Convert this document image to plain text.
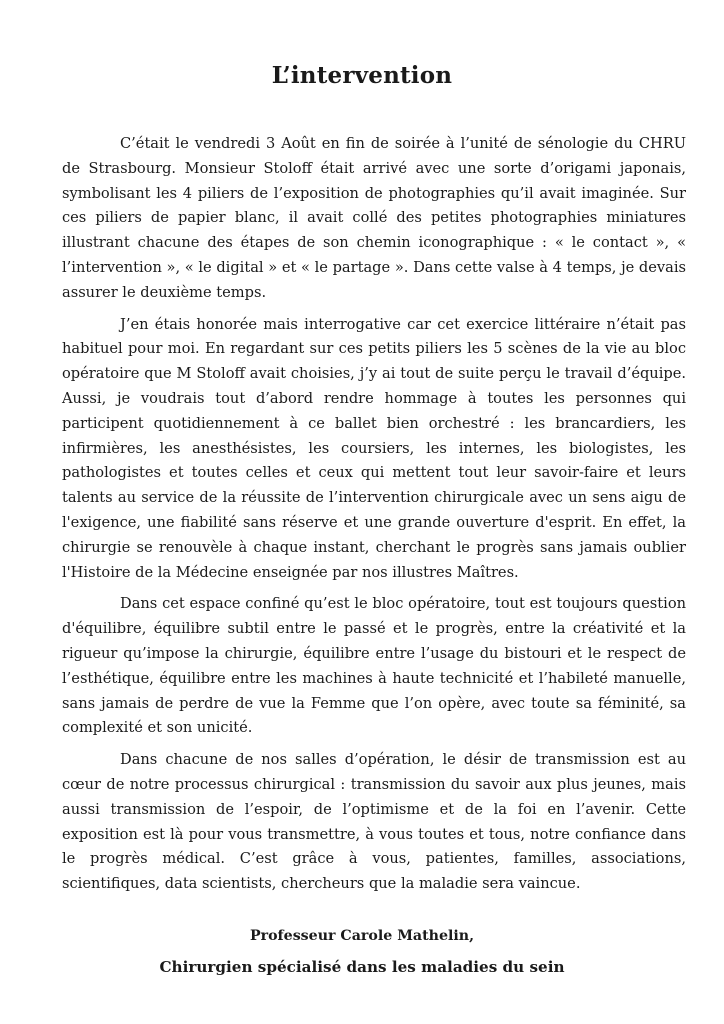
L’intervention

C’était le vendredi 3 Août en fin de soirée à l’unité de sénologie du CHRU de Strasbourg. Monsieur Stoloff était arrivé avec une sorte d’origami japonais, symbolisant les 4 piliers de l’exposition de photographies qu’il avait imaginée. Sur ces piliers de papier blanc, il avait collé des petites photographies miniatures illustrant chacune des étapes de son chemin iconographique : « le contact », « l’intervention », « le digital » et « le partage ». Dans cette valse à 4 temps, je devais assurer le deuxième temps.

J’en étais honorée mais interrogative car cet exercice littéraire n’était pas habituel pour moi. En regardant sur ces petits piliers les 5 scènes de la vie au bloc opératoire que M Stoloff avait choisies, j’y ai tout de suite perçu le travail d’équipe. Aussi, je voudrais tout d’abord rendre hommage à toutes les personnes qui participent quotidiennement à ce ballet bien orchestré : les brancardiers, les infirmières, les anesthésistes, les coursiers, les internes, les biologistes, les pathologistes et toutes celles et ceux qui mettent tout leur savoir-faire et leurs talents au service de la réussite de l’intervention chirurgicale avec un sens aigu de l'exigence, une fiabilité sans réserve et une grande ouverture d'esprit. En effet, la chirurgie se renouvèle à chaque instant, cherchant le progrès sans jamais oublier l'Histoire de la Médecine enseignée par nos illustres Maîtres.

Dans cet espace confiné qu’est le bloc opératoire, tout est toujours question d'équilibre, équilibre subtil entre le passé et le progrès, entre la créativité et la rigueur qu’impose la chirurgie, équilibre entre l’usage du bistouri et le respect de l’esthétique, équilibre entre les machines à haute technicité et l’habileté manuelle, sans jamais de perdre de vue la Femme que l’on opère, avec toute sa féminité, sa complexité et son unicité.

Dans chacune de nos salles d’opération, le désir de transmission est au cœur de notre processus chirurgical : transmission du savoir aux plus jeunes, mais aussi transmission de l’espoir, de l’optimisme et de la foi en l’avenir. Cette exposition est là pour vous transmettre, à vous toutes et tous, notre confiance dans le progrès médical. C’est grâce à vous, patientes, familles, associations, scientifiques, data scientists, chercheurs que la maladie sera vaincue.

Professeur Carole Mathelin,

Chirurgien spécialisé dans les maladies du sein
